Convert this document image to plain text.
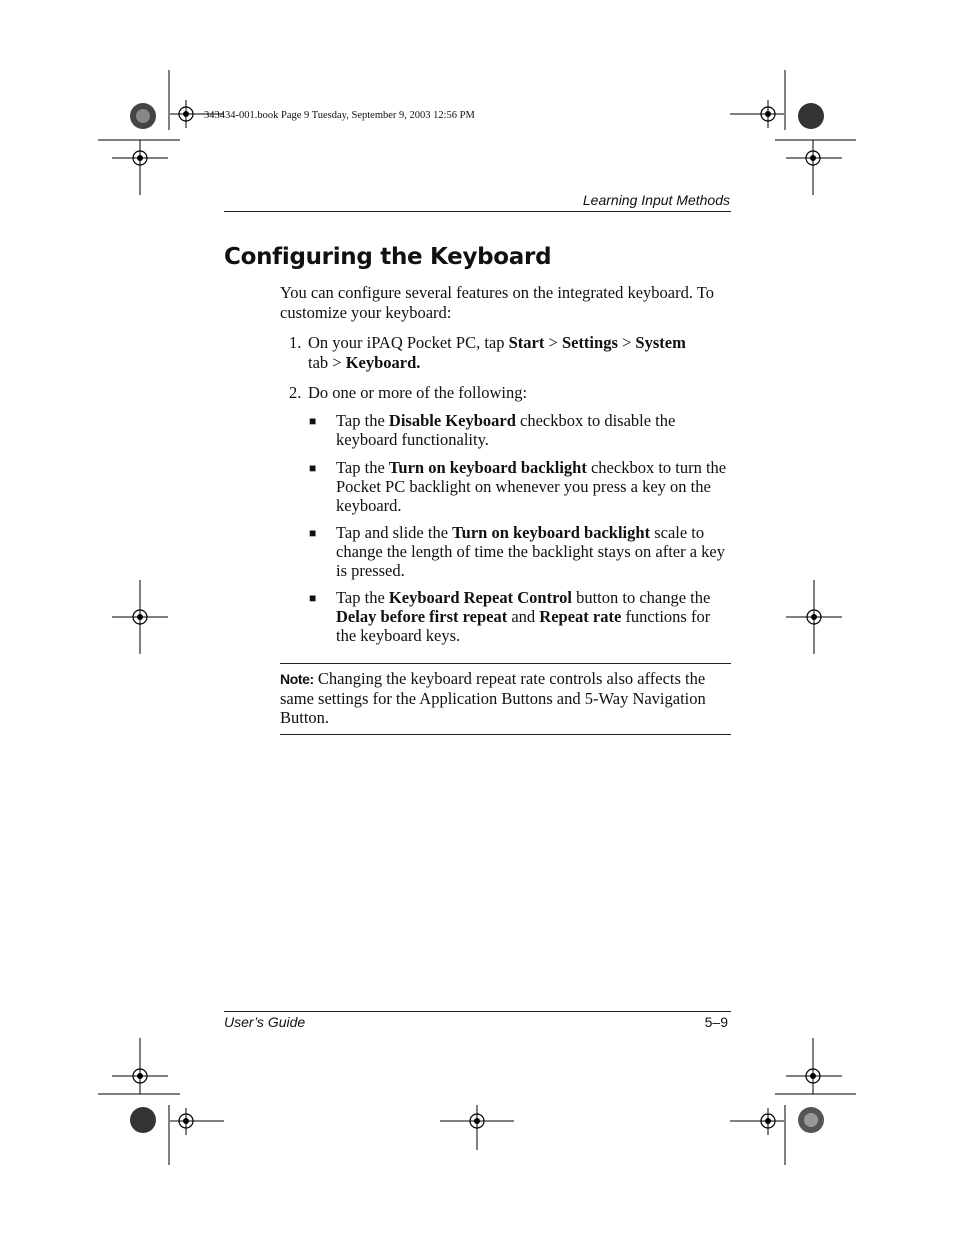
343434-001.book Page 9 Tuesday, September 9, 2003 12:56 PM
Learning Input Methods
Configuring the Keyboard
You can configure several features on the integrated keyboard. To customize your keyboard:
1. On your iPAQ Pocket PC, tap Start > Settings > System
tab > Keyboard.
2. Do one or more of the following:
■ Tap the Disable Keyboard checkbox to disable the keyboard functionality.
■ Tap the Turn on keyboard backlight checkbox to turn the Pocket PC backlight on whenever you press a key on the keyboard.
■ Tap and slide the Turn on keyboard backlight scale to change the length of time the backlight stays on after a key is pressed.
■ Tap the Keyboard Repeat Control button to change the Delay before first repeat and Repeat rate functions for the keyboard keys.
Note: Changing the keyboard repeat rate controls also affects the same settings for the Application Buttons and 5-Way Navigation Button.
User’s Guide	5–9
